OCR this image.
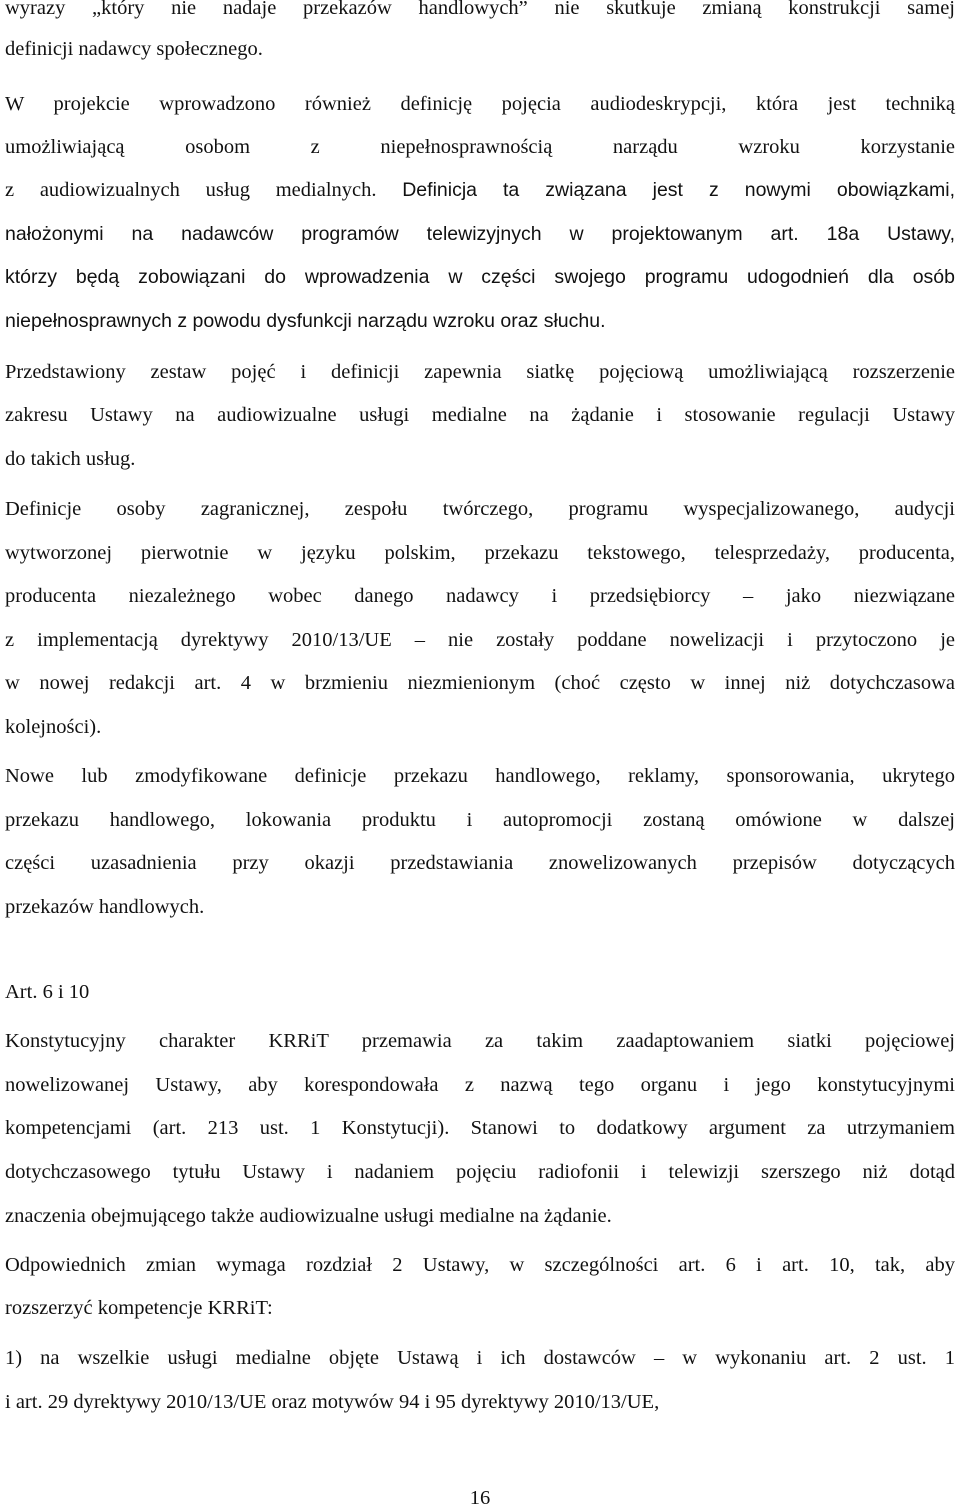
wyrazy „który nie nadaje przekazów handlowych” nie skutkuje zmianą konstrukcji samej
definicji nadawcy społecznego.
W projekcie wprowadzono również definicję pojęcia audiodeskrypcji, która jest techniką
umożliwiającą osobom z niepełnosprawnością narządu wzroku korzystanie
z audiowizualnych usług medialnych. Definicja ta związana jest z nowymi obowiązkami,
nałożonymi na nadawców programów telewizyjnych w projektowanym art. 18a Ustawy,
którzy będą zobowiązani do wprowadzenia w części swojego programu udogodnień dla osób
niepełnosprawnych z powodu dysfunkcji narządu wzroku oraz słuchu.
Przedstawiony zestaw pojęć i definicji zapewnia siatkę pojęciową umożliwiającą rozszerzenie
zakresu Ustawy na audiowizualne usługi medialne na żądanie i stosowanie regulacji Ustawy
do takich usług.
Definicje osoby zagranicznej, zespołu twórczego, programu wyspecjalizowanego, audycji
wytworzonej pierwotnie w języku polskim, przekazu tekstowego, telesprzedaży, producenta,
producenta niezależnego wobec danego nadawcy i przedsiębiorcy – jako niezwiązane
z implementacją dyrektywy 2010/13/UE – nie zostały poddane nowelizacji i przytoczono je
w nowej redakcji art. 4 w brzmieniu niezmienionym (choć często w innej niż dotychczasowa
kolejności).
Nowe lub zmodyfikowane definicje przekazu handlowego, reklamy, sponsorowania, ukrytego
przekazu handlowego, lokowania produktu i autopromocji zostaną omówione w dalszej
części uzasadnienia przy okazji przedstawiania znowelizowanych przepisów dotyczących
przekazów handlowych.
Art. 6 i 10
Konstytucyjny charakter KRRiT przemawia za takim zaadaptowaniem siatki pojęciowej
nowelizowanej Ustawy, aby korespondowała z nazwą tego organu i jego konstytucyjnymi
kompetencjami (art. 213 ust. 1 Konstytucji). Stanowi to dodatkowy argument za utrzymaniem
dotychczasowego tytułu Ustawy i nadaniem pojęciu radiofonii i telewizji szerszego niż dotąd
znaczenia obejmującego także audiowizualne usługi medialne na żądanie.
Odpowiednich zmian wymaga rozdział 2 Ustawy, w szczególności art. 6 i art. 10, tak, aby
rozszerzyć kompetencje KRRiT:
1) na wszelkie usługi medialne objęte Ustawą i ich dostawców – w wykonaniu art. 2 ust. 1
i art. 29 dyrektywy 2010/13/UE oraz motywów 94 i 95 dyrektywy 2010/13/UE,
16
